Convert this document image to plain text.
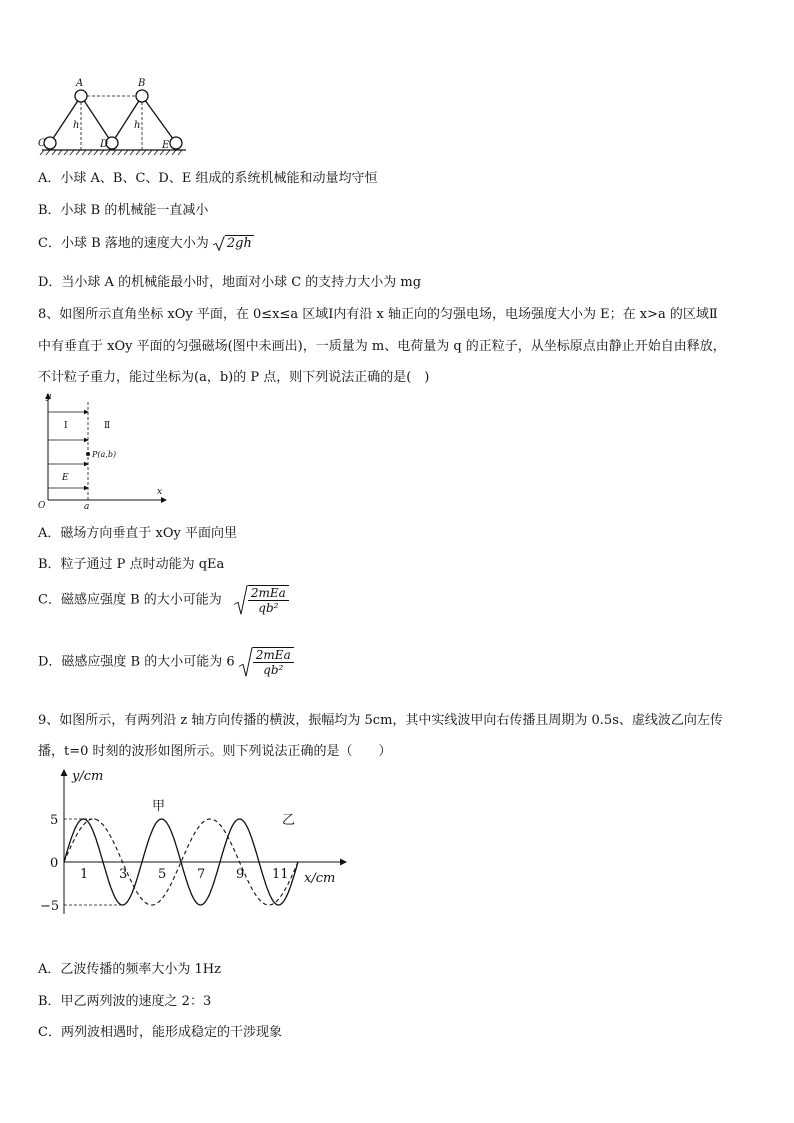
A	B
C	D	E
h	h
A．小球 A、B、C、D、E 组成的系统机械能和动量均守恒
B．小球 B 的机械能一直减小
C．小球 B 落地的速度大小为 2gh
D．当小球 A 的机械能最小时，地面对小球 C 的支持力大小为 mg
8、如图所示直角坐标 xOy 平面，在 0≤x≤a 区域Ⅰ内有沿 x 轴正向的匀强电场，电场强度大小为 E；在 x>a 的区域Ⅱ
中有垂直于 xOy 平面的匀强磁场(图中未画出)，一质量为 m、电荷量为 q 的正粒子，从坐标原点由静止开始自由释放，
不计粒子重力，能过坐标为(a，b)的 P 点，则下列说法正确的是(　)
y
x
O	a
Ⅰ	Ⅱ
P(a,b)
E
A．磁场方向垂直于 xOy 平面向里
B．粒子通过 P 点时动能为 qEa
C．磁感应强度 B 的大小可能为 $\frac{\text{2mEa}}{\text{qb²}}$
D．磁感应强度 B 的大小可能为 $6 \frac{\text{2mEa}}{\text{qb²}}$
9、如图所示，有两列沿 z 轴方向传播的横波，振幅均为 5cm，其中实线波甲向右传播且周期为 0.5s、虚线波乙向左传
播，t=0 时刻的波形如图所示。则下列说法正确的是（　　）
y/cm
x/cm
甲
乙
5
0
−5
1 3 5 7 9 11
A．乙波传播的频率大小为 1Hz
B．甲乙两列波的速度之 2：3
C．两列波相遇时，能形成稳定的干涉现象
